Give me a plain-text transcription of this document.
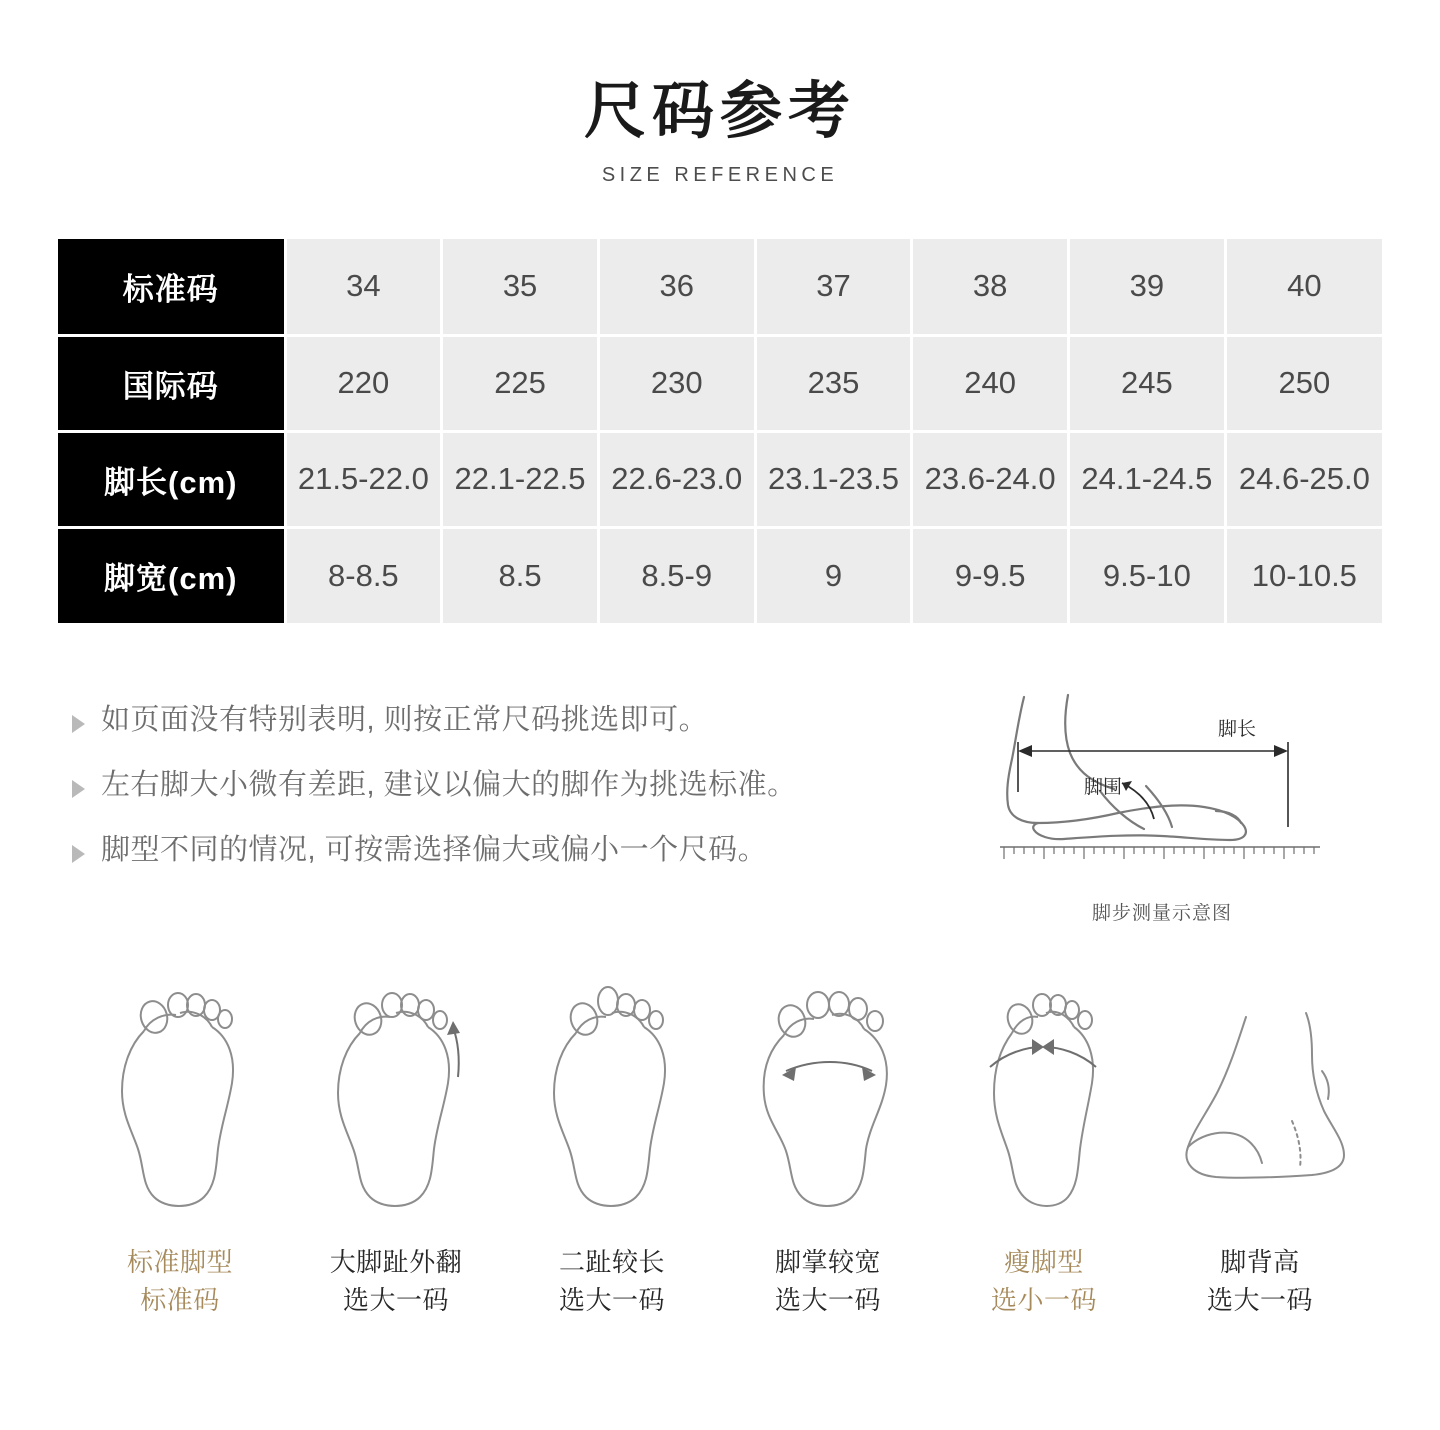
尺码参考
SIZE REFERENCE
标准码	34	35	36	37	38	39	40
国际码	220	225	230	235	240	245	250
脚长(cm)	21.5-22.0	22.1-22.5	22.6-23.0	23.1-23.5	23.6-24.0	24.1-24.5	24.6-25.0
脚宽(cm)	8-8.5	8.5	8.5-9	9	9-9.5	9.5-10	10-10.5
如页面没有特别表明, 则按正常尺码挑选即可。
左右脚大小微有差距, 建议以偏大的脚作为挑选标准。
脚型不同的情况, 可按需选择偏大或偏小一个尺码。
脚长
脚围
脚步测量示意图
标准脚型
标准码
大脚趾外翻
选大一码
二趾较长
选大一码
脚掌较宽
选大一码
瘦脚型
选小一码
脚背高
选大一码
